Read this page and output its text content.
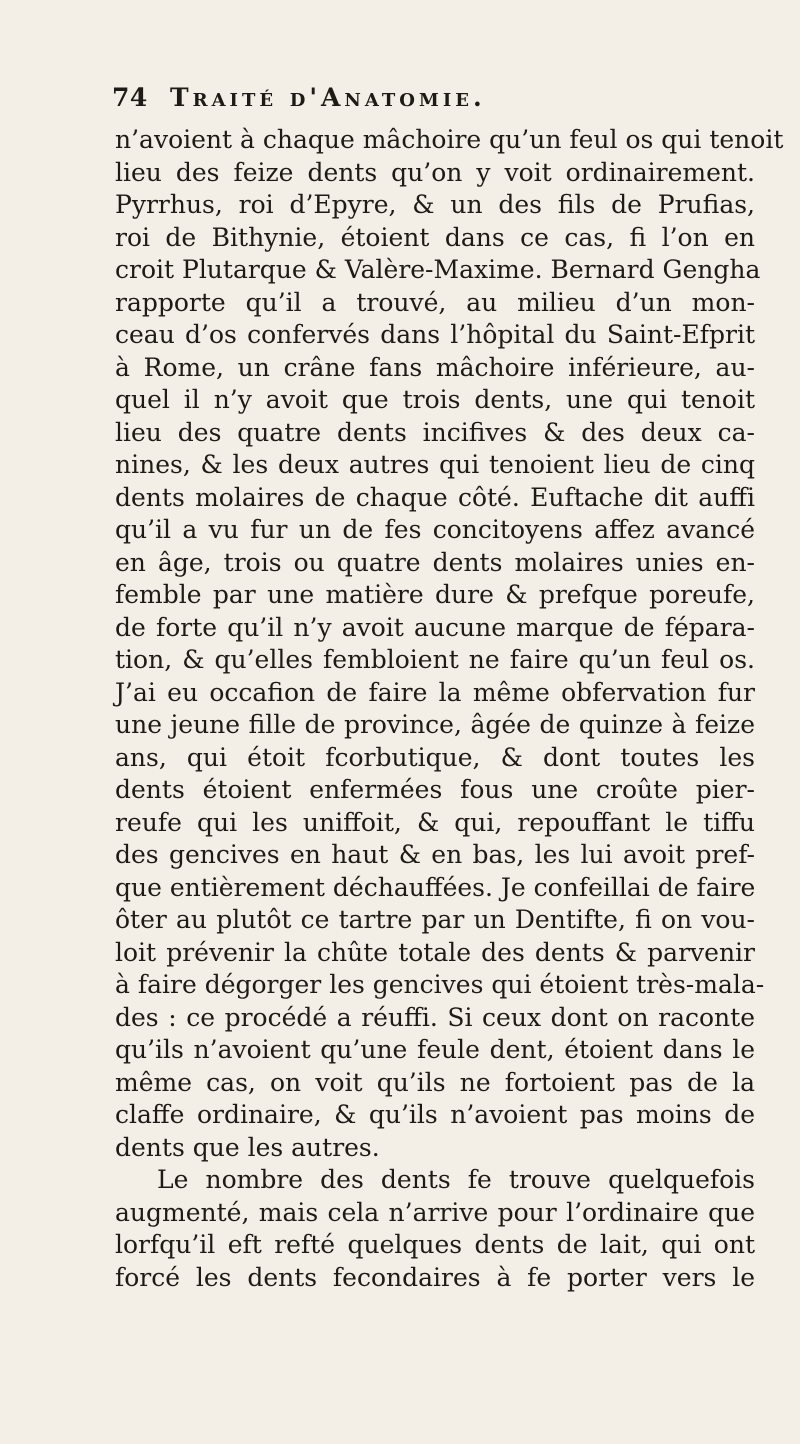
74 Traité d'Anatomie.
n’avoient à chaque mâchoire qu’un feul os qui tenoit
lieu des feize dents qu’on y voit ordinairement.
Pyrrhus, roi d’Epyre, & un des fils de Prufias,
roi de Bithynie, étoient dans ce cas, fi l’on en
croit Plutarque & Valère-Maxime. Bernard Gengha
rapporte qu’il a trouvé, au milieu d’un mon-
ceau d’os confervés dans l’hôpital du Saint-Efprit
à Rome, un crâne fans mâchoire inférieure, au-
quel il n’y avoit que trois dents, une qui tenoit
lieu des quatre dents incifives & des deux ca-
nines, & les deux autres qui tenoient lieu de cinq
dents molaires de chaque côté. Euftache dit auffi
qu’il a vu fur un de fes concitoyens affez avancé
en âge, trois ou quatre dents molaires unies en-
femble par une matière dure & prefque poreufe,
de forte qu’il n’y avoit aucune marque de fépara-
tion, & qu’elles fembloient ne faire qu’un feul os.
J’ai eu occafion de faire la même obfervation fur
une jeune fille de province, âgée de quinze à feize
ans, qui étoit fcorbutique, & dont toutes les
dents étoient enfermées fous une croûte pier-
reufe qui les uniffoit, & qui, repouffant le tiffu
des gencives en haut & en bas, les lui avoit pref-
que entièrement déchauffées. Je confeillai de faire
ôter au plutôt ce tartre par un Dentifte, fi on vou-
loit prévenir la chûte totale des dents & parvenir
à faire dégorger les gencives qui étoient très-mala-
des : ce procédé a réuffi. Si ceux dont on raconte
qu’ils n’avoient qu’une feule dent, étoient dans le
même cas, on voit qu’ils ne fortoient pas de la
claffe ordinaire, & qu’ils n’avoient pas moins de
dents que les autres.
Le nombre des dents fe trouve quelquefois
augmenté, mais cela n’arrive pour l’ordinaire que
lorfqu’il eft refté quelques dents de lait, qui ont
forcé les dents fecondaires à fe porter vers le
